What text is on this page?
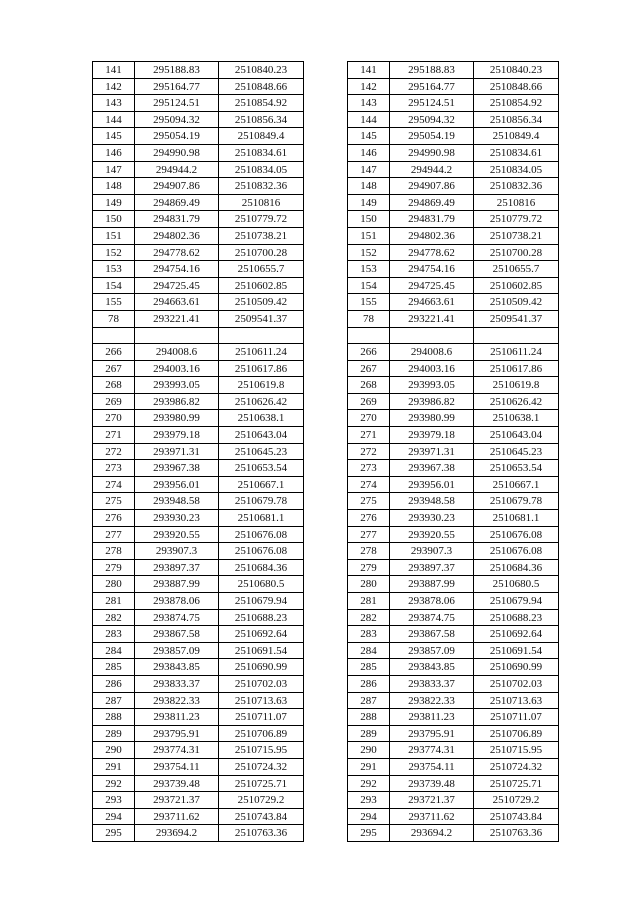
141	295188.83	2510840.23
142	295164.77	2510848.66
143	295124.51	2510854.92
144	295094.32	2510856.34
145	295054.19	2510849.4
146	294990.98	2510834.61
147	294944.2	2510834.05
148	294907.86	2510832.36
149	294869.49	2510816
150	294831.79	2510779.72
151	294802.36	2510738.21
152	294778.62	2510700.28
153	294754.16	2510655.7
154	294725.45	2510602.85
155	294663.61	2510509.42
78	293221.41	2509541.37
266	294008.6	2510611.24
267	294003.16	2510617.86
268	293993.05	2510619.8
269	293986.82	2510626.42
270	293980.99	2510638.1
271	293979.18	2510643.04
272	293971.31	2510645.23
273	293967.38	2510653.54
274	293956.01	2510667.1
275	293948.58	2510679.78
276	293930.23	2510681.1
277	293920.55	2510676.08
278	293907.3	2510676.08
279	293897.37	2510684.36
280	293887.99	2510680.5
281	293878.06	2510679.94
282	293874.75	2510688.23
283	293867.58	2510692.64
284	293857.09	2510691.54
285	293843.85	2510690.99
286	293833.37	2510702.03
287	293822.33	2510713.63
288	293811.23	2510711.07
289	293795.91	2510706.89
290	293774.31	2510715.95
291	293754.11	2510724.32
292	293739.48	2510725.71
293	293721.37	2510729.2
294	293711.62	2510743.84
295	293694.2	2510763.36
141	295188.83	2510840.23
142	295164.77	2510848.66
143	295124.51	2510854.92
144	295094.32	2510856.34
145	295054.19	2510849.4
146	294990.98	2510834.61
147	294944.2	2510834.05
148	294907.86	2510832.36
149	294869.49	2510816
150	294831.79	2510779.72
151	294802.36	2510738.21
152	294778.62	2510700.28
153	294754.16	2510655.7
154	294725.45	2510602.85
155	294663.61	2510509.42
78	293221.41	2509541.37
266	294008.6	2510611.24
267	294003.16	2510617.86
268	293993.05	2510619.8
269	293986.82	2510626.42
270	293980.99	2510638.1
271	293979.18	2510643.04
272	293971.31	2510645.23
273	293967.38	2510653.54
274	293956.01	2510667.1
275	293948.58	2510679.78
276	293930.23	2510681.1
277	293920.55	2510676.08
278	293907.3	2510676.08
279	293897.37	2510684.36
280	293887.99	2510680.5
281	293878.06	2510679.94
282	293874.75	2510688.23
283	293867.58	2510692.64
284	293857.09	2510691.54
285	293843.85	2510690.99
286	293833.37	2510702.03
287	293822.33	2510713.63
288	293811.23	2510711.07
289	293795.91	2510706.89
290	293774.31	2510715.95
291	293754.11	2510724.32
292	293739.48	2510725.71
293	293721.37	2510729.2
294	293711.62	2510743.84
295	293694.2	2510763.36
